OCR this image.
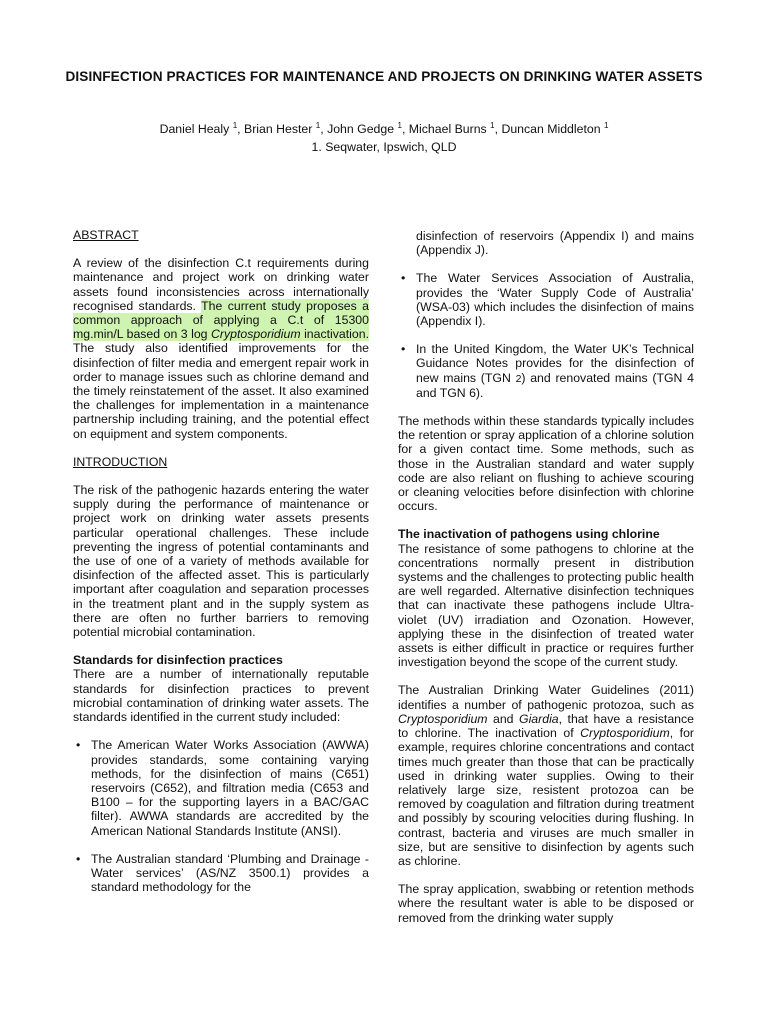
DISINFECTION PRACTICES FOR MAINTENANCE AND PROJECTS ON DRINKING WATER ASSETS
Daniel Healy $^1$, Brian Hester $^1$, John Gedge $^1$, Michael Burns $^1$, Duncan Middleton $^1$
1. Seqwater, Ipswich, QLD
ABSTRACT

A review of the disinfection C.t requirements during maintenance and project work on drinking water assets found inconsistencies across internationally recognised standards. The current study proposes a common approach of applying a C.t of 15300 mg.min/L based on 3 log Cryptosporidium inactivation. The study also identified improvements for the disinfection of filter media and emergent repair work in order to manage issues such as chlorine demand and the timely reinstatement of the asset. It also examined the challenges for implementation in a maintenance partnership including training, and the potential effect on equipment and system components.

INTRODUCTION

The risk of the pathogenic hazards entering the water supply during the performance of maintenance or project work on drinking water assets presents particular operational challenges. These include preventing the ingress of potential contaminants and the use of one of a variety of methods available for disinfection of the affected asset. This is particularly important after coagulation and separation processes in the treatment plant and in the supply system as there are often no further barriers to removing potential microbial contamination.

Standards for disinfection practices

There are a number of internationally reputable standards for disinfection practices to prevent microbial contamination of drinking water assets. The standards identified in the current study included:

• The American Water Works Association (AWWA) provides standards, some containing varying methods, for the disinfection of mains (C651) reservoirs (C652), and filtration media (C653 and B100 – for the supporting layers in a BAC/GAC filter). AWWA standards are accredited by the American National Standards Institute (ANSI).
• The Australian standard ‘Plumbing and Drainage - Water services’ (AS/NZ 3500.1) provides a standard methodology for the
disinfection of reservoirs (Appendix I) and mains (Appendix J).
• The Water Services Association of Australia, provides the ‘Water Supply Code of Australia’ (WSA-03) which includes the disinfection of mains (Appendix I).
• In the United Kingdom, the Water UK’s Technical Guidance Notes provides for the disinfection of new mains (TGN 2) and renovated mains (TGN 4 and TGN 6).

The methods within these standards typically includes the retention or spray application of a chlorine solution for a given contact time. Some methods, such as those in the Australian standard and water supply code are also reliant on flushing to achieve scouring or cleaning velocities before disinfection with chlorine occurs.

The inactivation of pathogens using chlorine

The resistance of some pathogens to chlorine at the concentrations normally present in distribution systems and the challenges to protecting public health are well regarded. Alternative disinfection techniques that can inactivate these pathogens include Ultra-violet (UV) irradiation and Ozonation. However, applying these in the disinfection of treated water assets is either difficult in practice or requires further investigation beyond the scope of the current study.

The Australian Drinking Water Guidelines (2011) identifies a number of pathogenic protozoa, such as Cryptosporidium and Giardia, that have a resistance to chlorine. The inactivation of Cryptosporidium, for example, requires chlorine concentrations and contact times much greater than those that can be practically used in drinking water supplies. Owing to their relatively large size, resistent protozoa can be removed by coagulation and filtration during treatment and possibly by scouring velocities during flushing. In contrast, bacteria and viruses are much smaller in size, but are sensitive to disinfection by agents such as chlorine.

The spray application, swabbing or retention methods where the resultant water is able to be disposed or removed from the drinking water supply
